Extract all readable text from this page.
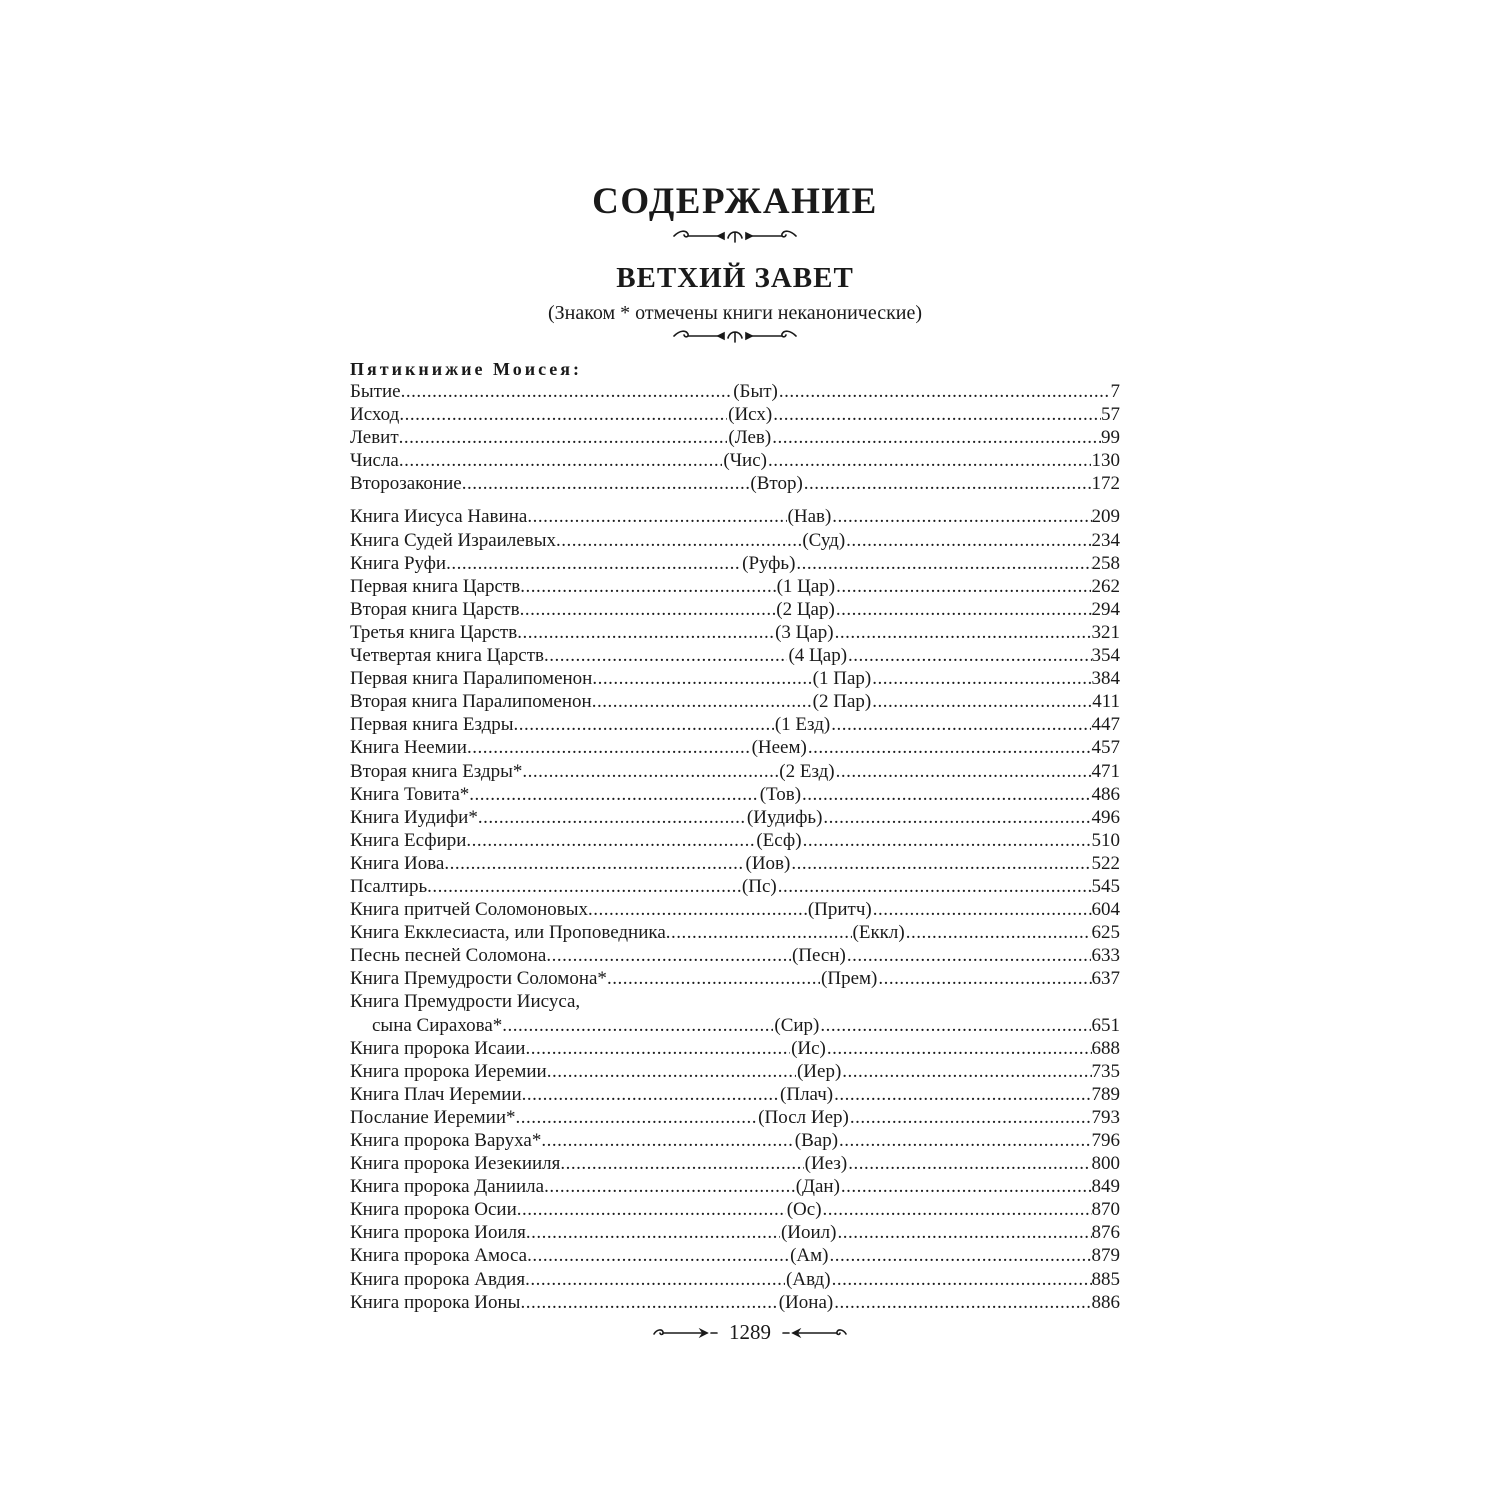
СОДЕРЖАНИЕ
ВЕТХИЙ ЗАВЕТ
(Знаком * отмечены книги неканонические)
Пятикнижие Моисея:
Бытие .....	(Быт) .....	7
Исход .....	(Исх) .....	57
Левит .....	(Лев) .....	99
Числа .....	(Чис) .....	130
Второзаконие .....	(Втор) .....	172
Книга Иисуса Навина .....	(Нав) .....	209
Книга Судей Израилевых .....	(Суд) .....	234
Книга Руфи .....	(Руфь) .....	258
Первая книга Царств .....	(1 Цар) .....	262
Вторая книга Царств .....	(2 Цар) .....	294
Третья книга Царств .....	(3 Цар) .....	321
Четвертая книга Царств .....	(4 Цар) .....	354
Первая книга Паралипоменон .....	(1 Пар) .....	384
Вторая книга Паралипоменон .....	(2 Пар) .....	411
Первая книга Ездры .....	(1 Езд) .....	447
Книга Неемии .....	(Неем) .....	457
Вторая книга Ездры* .....	(2 Езд) .....	471
Книга Товита* .....	(Тов) .....	486
Книга Иудифи* .....	(Иудифь) .....	496
Книга Есфири .....	(Есф) .....	510
Книга Иова .....	(Иов) .....	522
Псалтирь .....	(Пс) .....	545
Книга притчей Соломоновых .....	(Притч) .....	604
Книга Екклесиаста, или Проповедника .....	(Еккл) .....	625
Песнь песней Соломона .....	(Песн) .....	633
Книга Премудрости Соломона* .....	(Прем) .....	637
Книга Премудрости Иисуса,
сына Сирахова* .....	(Сир) .....	651
Книга пророка Исаии .....	(Ис) .....	688
Книга пророка Иеремии .....	(Иер) .....	735
Книга Плач Иеремии .....	(Плач) .....	789
Послание Иеремии* .....	(Посл Иер) .....	793
Книга пророка Варуха* .....	(Вар) .....	796
Книга пророка Иезекииля .....	(Иез) .....	800
Книга пророка Даниила .....	(Дан) .....	849
Книга пророка Осии .....	(Ос) .....	870
Книга пророка Иоиля .....	(Иоил) .....	876
Книга пророка Амоса .....	(Ам) .....	879
Книга пророка Авдия .....	(Авд) .....	885
Книга пророка Ионы .....	(Иона) .....	886
1289
